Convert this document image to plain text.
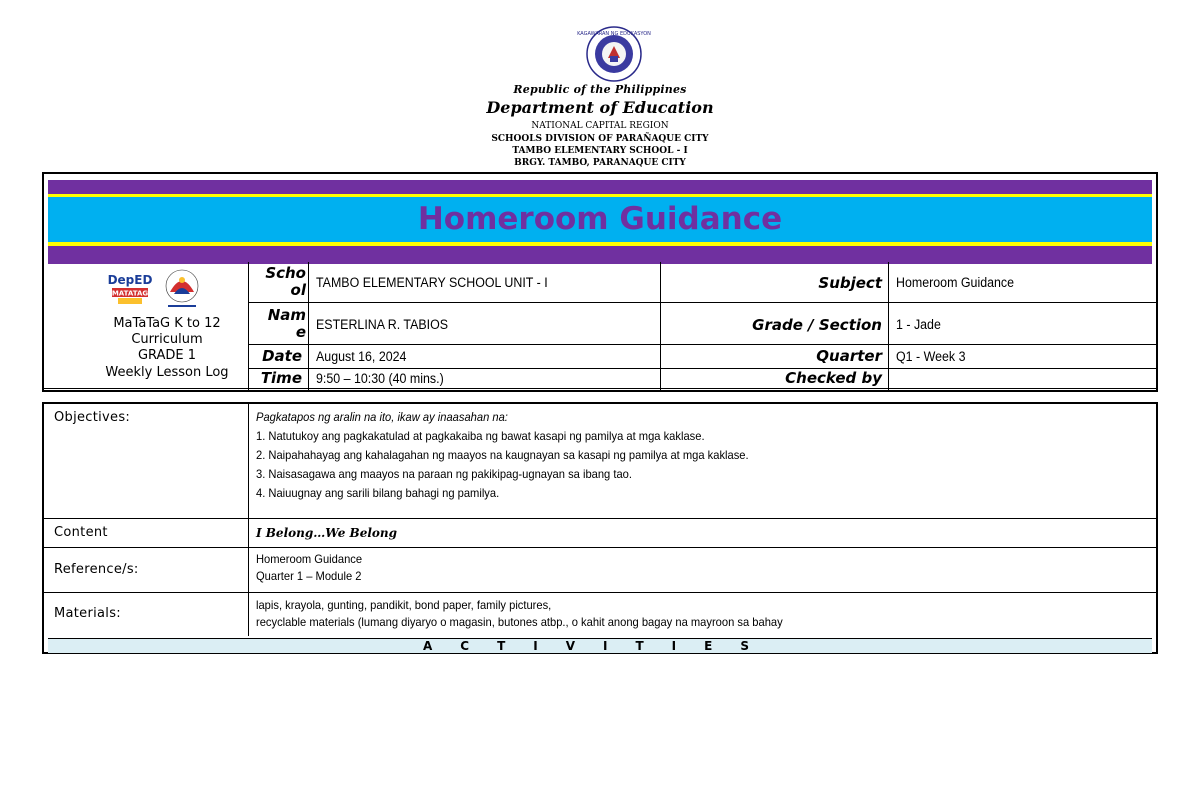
KAGAWARAN NG EDUKASYON
Republic of the Philippines
Department of Education
NATIONAL CAPITAL REGION
SCHOOLS DIVISION OF PARAÑAQUE CITY
TAMBO ELEMENTARY SCHOOL - I
BRGY. TAMBO, PARANAQUE CITY
Homeroom Guidance
DepED
MATATAG
MaTaTaG K to 12
Curriculum
GRADE 1
Weekly Lesson Log
Scho
ol TAMBO ELEMENTARY SCHOOL UNIT - I	Subject Homeroom Guidance
Nam
e ESTERLINA R. TABIOS	Grade / Section 1 - Jade
Date August 16, 2024	Quarter Q1 - Week 3
Time 9:50 – 10:30 (40 mins.)	Checked by
Objectives:	Pagkatapos ng aralin na ito, ikaw ay inaasahan na:
1. Natutukoy ang pagkakatulad at pagkakaiba ng bawat kasapi ng pamilya at mga kaklase.
2. Naipahahayag ang kahalagahan ng maayos na kaugnayan sa kasapi ng pamilya at mga kaklase.
3. Naisasagawa ang maayos na paraan ng pakikipag-ugnayan sa ibang tao.
4. Naiuugnay ang sarili bilang bahagi ng pamilya.
Content	I Belong…We Belong
Reference/s:
Homeroom Guidance
Quarter 1 – Module 2
Materials:
lapis, krayola, gunting, pandikit, bond paper, family pictures,
recyclable materials (lumang diyaryo o magasin, butones atbp., o kahit anong bagay na mayroon sa bahay
ACTIVITIES
